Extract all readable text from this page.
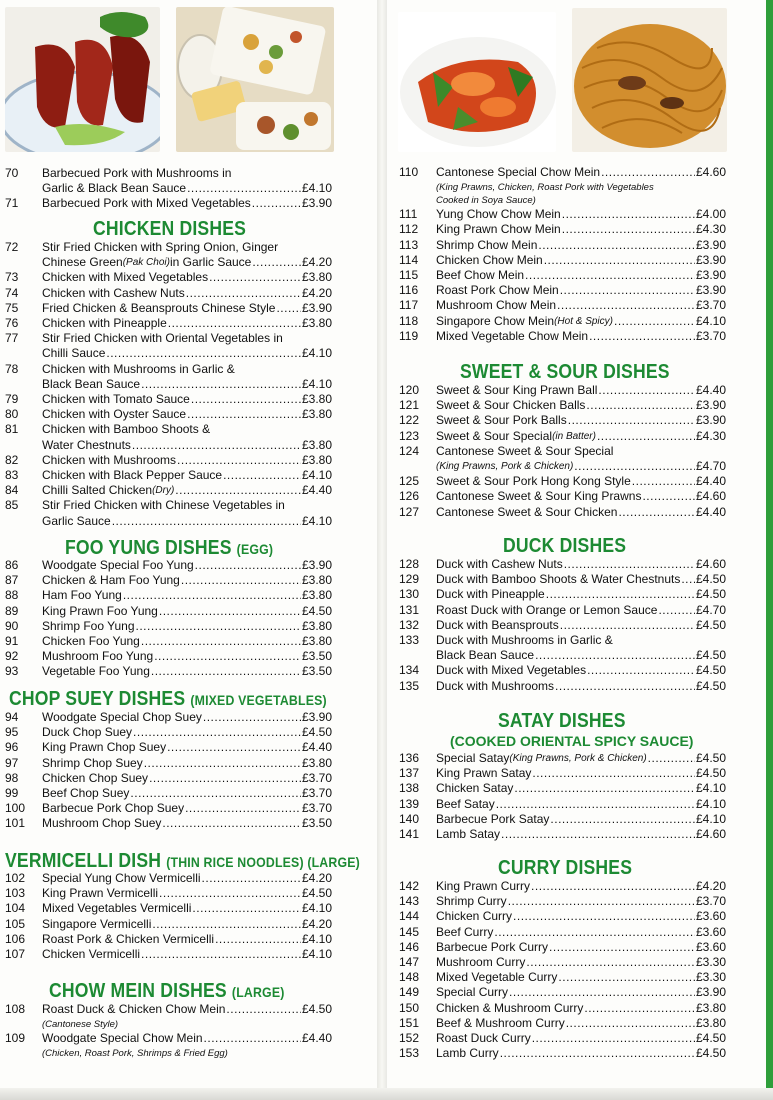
70	Barbecued Pork with Mushrooms in
Garlic & Black Bean Sauce .....	£4.10
71	Barbecued Pork with Mixed Vegetables .....	£3.90
CHICKEN DISHES
72	Stir Fried Chicken with Spring Onion, Ginger
Chinese Green (Pak Choi) in Garlic Sauce .....	£4.20
73	Chicken with Mixed Vegetables .....	£3.80
74	Chicken with Cashew Nuts .....	£4.20
75	Fried Chicken & Beansprouts Chinese Style ..... £3.90
76	Chicken with Pineapple .....	£3.80
77	Stir Fried Chicken with Oriental Vegetables in
Chilli Sauce .....	£4.10
78	Chicken with Mushrooms in Garlic &
Black Bean Sauce .....	£4.10
79	Chicken with Tomato Sauce .....	£3.80
80	Chicken with Oyster Sauce .....	£3.80
81	Chicken with Bamboo Shoots &
Water Chestnuts .....	£3.80
82	Chicken with Mushrooms .....	£3.80
83	Chicken with Black Pepper Sauce .....	£4.10
84	Chilli Salted Chicken (Dry) .....	£4.40
85	Stir Fried Chicken with Chinese Vegetables in
Garlic Sauce .....	£4.10
FOO YUNG DISHES (EGG)
86	Woodgate Special Foo Yung .....	£3.90
87	Chicken & Ham Foo Yung .....	£3.80
88	Ham Foo Yung .....	£3.80
89	King Prawn Foo Yung .....	£4.50
90	Shrimp Foo Yung .....	£3.80
91	Chicken Foo Yung .....	£3.80
92	Mushroom Foo Yung .....	£3.50
93	Vegetable Foo Yung .....	£3.50
CHOP SUEY DISHES (MIXED VEGETABLES)
94	Woodgate Special Chop Suey .....	£3.90
95	Duck Chop Suey .....	£4.50
96	King Prawn Chop Suey .....	£4.40
97	Shrimp Chop Suey .....	£3.80
98	Chicken Chop Suey .....	£3.70
99	Beef Chop Suey .....	£3.70
100	Barbecue Pork Chop Suey .....	£3.70
101	Mushroom Chop Suey .....	£3.50
VERMICELLI DISH (THIN RICE NOODLES) (LARGE)
102	Special Yung Chow Vermicelli .....	£4.20
103	King Prawn Vermicelli .....	£4.50
104	Mixed Vegetables Vermicelli .....	£4.10
105	Singapore Vermicelli .....	£4.20
106	Roast Pork & Chicken Vermicelli .....	£4.10
107	Chicken Vermicelli .....	£4.10
CHOW MEIN DISHES (LARGE)
108	Roast Duck & Chicken Chow Mein .....	£4.50
(Cantonese Style)
109	Woodgate Special Chow Mein .....	£4.40
(Chicken, Roast Pork, Shrimps & Fried Egg)
110	Cantonese Special Chow Mein .....	£4.60
(King Prawns, Chicken, Roast Pork with Vegetables
Cooked in Soya Sauce)
111	Yung Chow Chow Mein .....	£4.00
112	King Prawn Chow Mein .....	£4.30
113	Shrimp Chow Mein .....	£3.90
114	Chicken Chow Mein .....	£3.90
115	Beef Chow Mein .....	£3.90
116	Roast Pork Chow Mein .....	£3.90
117	Mushroom Chow Mein .....	£3.70
118	Singapore Chow Mein (Hot & Spicy) .....	£4.10
119	Mixed Vegetable Chow Mein .....	£3.70
SWEET & SOUR DISHES
120	Sweet & Sour King Prawn Ball .....	£4.40
121	Sweet & Sour Chicken Balls .....	£3.90
122	Sweet & Sour Pork Balls .....	£3.90
123	Sweet & Sour Special (in Batter) .....	£4.30
124	Cantonese Sweet & Sour Special
(King Prawns, Pork & Chicken) .....	£4.70
125	Sweet & Sour Pork Hong Kong Style .....	£4.40
126	Cantonese Sweet & Sour King Prawns .....	£4.60
127	Cantonese Sweet & Sour Chicken .....	£4.40
DUCK DISHES
128	Duck with Cashew Nuts .....	£4.60
129	Duck with Bamboo Shoots & Water Chestnuts ..... £4.50
130	Duck with Pineapple .....	£4.50
131	Roast Duck with Orange or Lemon Sauce .....	£4.70
132	Duck with Beansprouts .....	£4.50
133	Duck with Mushrooms in Garlic &
Black Bean Sauce .....	£4.50
134	Duck with Mixed Vegetables .....	£4.50
135	Duck with Mushrooms .....	£4.50
SATAY DISHES
(COOKED ORIENTAL SPICY SAUCE)
136	Special Satay (King Prawns, Pork & Chicken) .....	£4.50
137	King Prawn Satay .....	£4.50
138	Chicken Satay .....	£4.10
139	Beef Satay .....	£4.10
140	Barbecue Pork Satay .....	£4.10
141	Lamb Satay .....	£4.60
CURRY DISHES
142	King Prawn Curry .....	£4.20
143	Shrimp Curry .....	£3.70
144	Chicken Curry .....	£3.60
145	Beef Curry .....	£3.60
146	Barbecue Pork Curry .....	£3.60
147	Mushroom Curry .....	£3.30
148	Mixed Vegetable Curry .....	£3.30
149	Special Curry .....	£3.90
150	Chicken & Mushroom Curry .....	£3.80
151	Beef & Mushroom Curry .....	£3.80
152	Roast Duck Curry .....	£4.50
153	Lamb Curry .....	£4.50
